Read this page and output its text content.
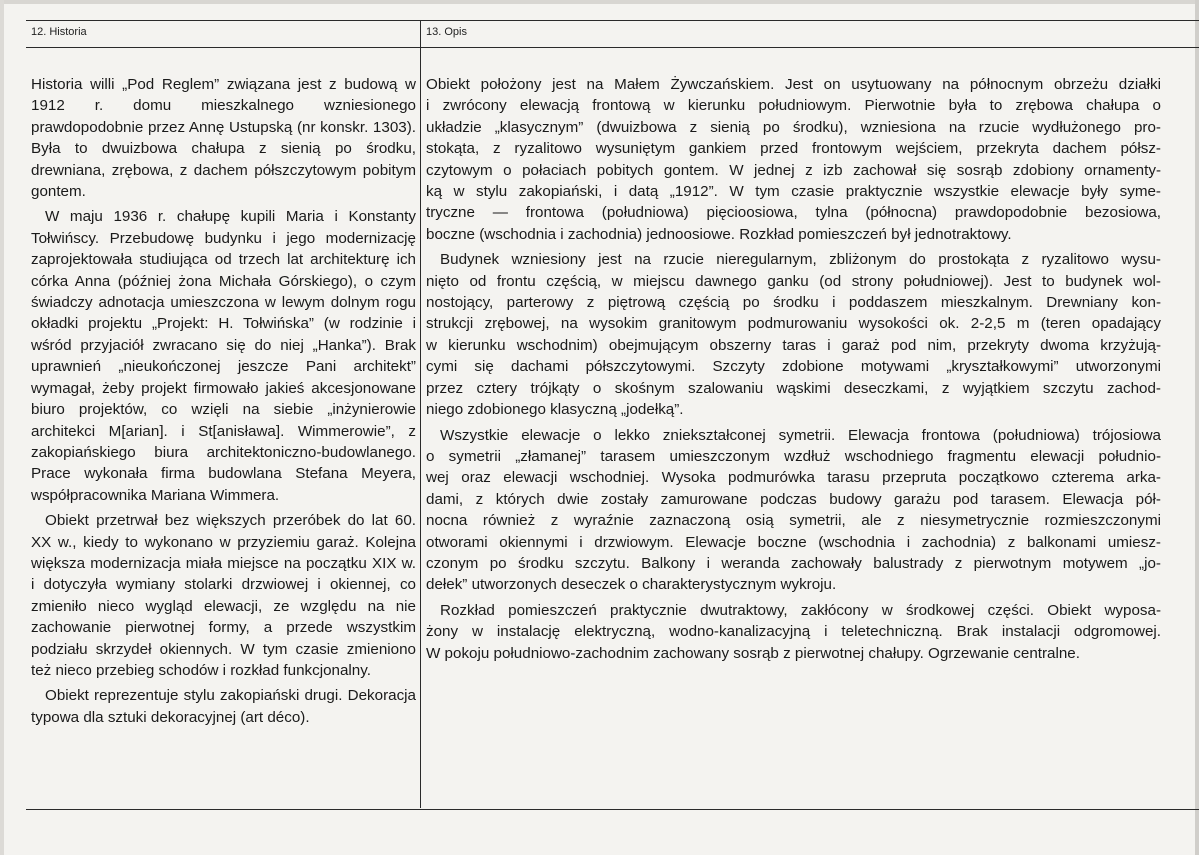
12. Historia	13. Opis

Historia willi „Pod Reglem” związana jest z budową w 1912 r. domu mieszkalnego wzniesionego prawdopodobnie przez Annę Ustupską (nr konskr. 1303). Była to dwuizbowa chałupa z sienią po środku, drewniana, zrębowa, z dachem półszczytowym pobitym gontem.

W maju 1936 r. chałupę kupili Maria i Konstanty Tołwińscy. Przebudowę budynku i jego modernizację zaprojektowała studiująca od trzech lat architekturę ich córka Anna (później żona Michała Górskiego), o czym świadczy adnotacja umieszczona w lewym dolnym rogu okładki projektu „Projekt: H. Tołwińska” (w rodzinie i wśród przyjaciół zwracano się do niej „Hanka”). Brak uprawnień „nieukończonej jeszcze Pani architekt” wymagał, żeby projekt firmowało jakieś akcesjonowane biuro projektów, co wzięli na siebie „inżynierowie architekci M[arian]. i St[anisława]. Wimmerowie”, z zakopiańskiego biura architektoniczno-budowlanego. Prace wykonała firma budowlana Stefana Meyera, współpracownika Mariana Wimmera.

Obiekt przetrwał bez większych przeróbek do lat 60. XX w., kiedy to wykonano w przyziemiu garaż. Kolejna większa modernizacja miała miejsce na początku XIX w. i dotyczyła wymiany stolarki drzwiowej i okiennej, co zmieniło nieco wygląd elewacji, ze względu na nie zachowanie pierwotnej formy, a przede wszystkim podziału skrzydeł okiennych. W tym czasie zmieniono też nieco przebieg schodów i rozkład funkcjonalny.

Obiekt reprezentuje stylu zakopiański drugi. Dekoracja typowa dla sztuki dekoracyjnej (art déco).

Obiekt położony jest na Małem Żywczańskiem. Jest on usytuowany na północnym obrzeżu działki
i zwrócony elewacją frontową w kierunku południowym. Pierwotnie była to zrębowa chałupa o
układzie „klasycznym” (dwuizbowa z sienią po środku), wzniesiona na rzucie wydłużonego pro-
stokąta, z ryzalitowo wysuniętym gankiem przed frontowym wejściem, przekryta dachem półsz-
czytowym o połaciach pobitych gontem. W jednej z izb zachował się sosrąb zdobiony ornamenty-
ką w stylu zakopiański, i datą „1912”. W tym czasie praktycznie wszystkie elewacje były syme-
tryczne — frontowa (południowa) pięcioosiowa, tylna (północna) prawdopodobnie bezosiowa,
boczne (wschodnia i zachodnia) jednoosiowe. Rozkład pomieszczeń był jednotraktowy.

Budynek wzniesiony jest na rzucie nieregularnym, zbliżonym do prostokąta z ryzalitowo wysu-
nięto od frontu częścią, w miejscu dawnego ganku (od strony południowej). Jest to budynek wol-
nostojący, parterowy z piętrową częścią po środku i poddaszem mieszkalnym. Drewniany kon-
strukcji zrębowej, na wysokim granitowym podmurowaniu wysokości ok. 2-2,5 m (teren opadający
w kierunku wschodnim) obejmującym obszerny taras i garaż pod nim, przekryty dwoma krzyżują-
cymi się dachami półszczytowymi. Szczyty zdobione motywami „kryształkowymi” utworzonymi
przez cztery trójkąty o skośnym szalowaniu wąskimi deseczkami, z wyjątkiem szczytu zachod-
niego zdobionego klasyczną „jodełką”.

Wszystkie elewacje o lekko zniekształconej symetrii. Elewacja frontowa (południowa) trójosiowa
o symetrii „złamanej” tarasem umieszczonym wzdłuż wschodniego fragmentu elewacji południo-
wej oraz elewacji wschodniej. Wysoka podmurówka tarasu przepruta początkowo czterema arka-
dami, z których dwie zostały zamurowane podczas budowy garażu pod tarasem. Elewacja pół-
nocna również z wyraźnie zaznaczoną osią symetrii, ale z niesymetrycznie rozmieszczonymi
otworami okiennymi i drzwiowym. Elewacje boczne (wschodnia i zachodnia) z balkonami umiesz-
czonym po środku szczytu. Balkony i weranda zachowały balustrady z pierwotnym motywem „jo-
dełek” utworzonych deseczek o charakterystycznym wykroju.

Rozkład pomieszczeń praktycznie dwutraktowy, zakłócony w środkowej części. Obiekt wyposa-
żony w instalację elektryczną, wodno-kanalizacyjną i teletechniczną. Brak instalacji odgromowej.
W pokoju południowo-zachodnim zachowany sosrąb z pierwotnej chałupy. Ogrzewanie centralne.
